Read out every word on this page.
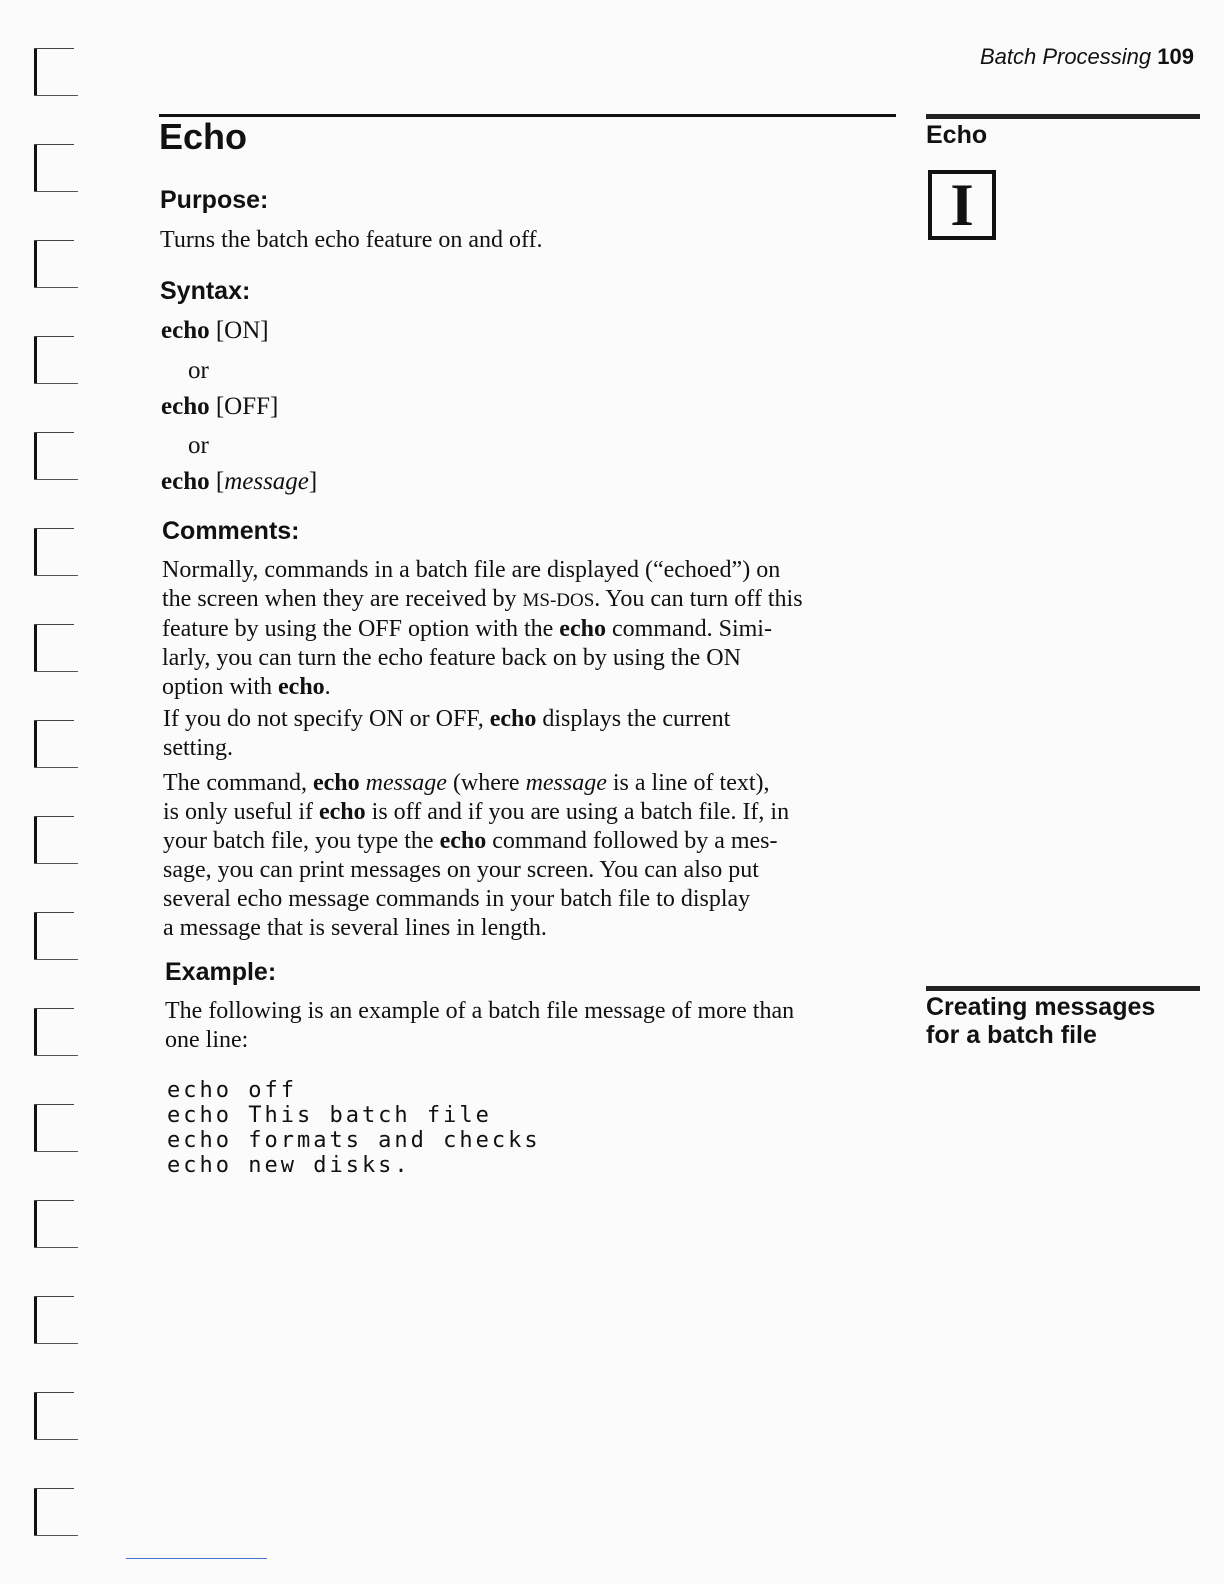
Batch Processing 109
Echo	Echo
I
Creating messages
for a batch file
Purpose:
Turns the batch echo feature on and off.
Syntax:
echo [ON]
or
echo [OFF]
or
echo [message]
Comments:
Normally, commands in a batch file are displayed (“echoed”) on
the screen when they are received by MS-DOS. You can turn off this
feature by using the OFF option with the echo command. Simi-
larly, you can turn the echo feature back on by using the ON
option with echo.
If you do not specify ON or OFF, echo displays the current
setting.
The command, echo message (where message is a line of text),
is only useful if echo is off and if you are using a batch file. If, in
your batch file, you type the echo command followed by a mes-
sage, you can print messages on your screen. You can also put
several echo message commands in your batch file to display
a message that is several lines in length.
Example:
The following is an example of a batch file message of more than
one line:
echo off
echo This batch file
echo formats and checks
echo new disks.
